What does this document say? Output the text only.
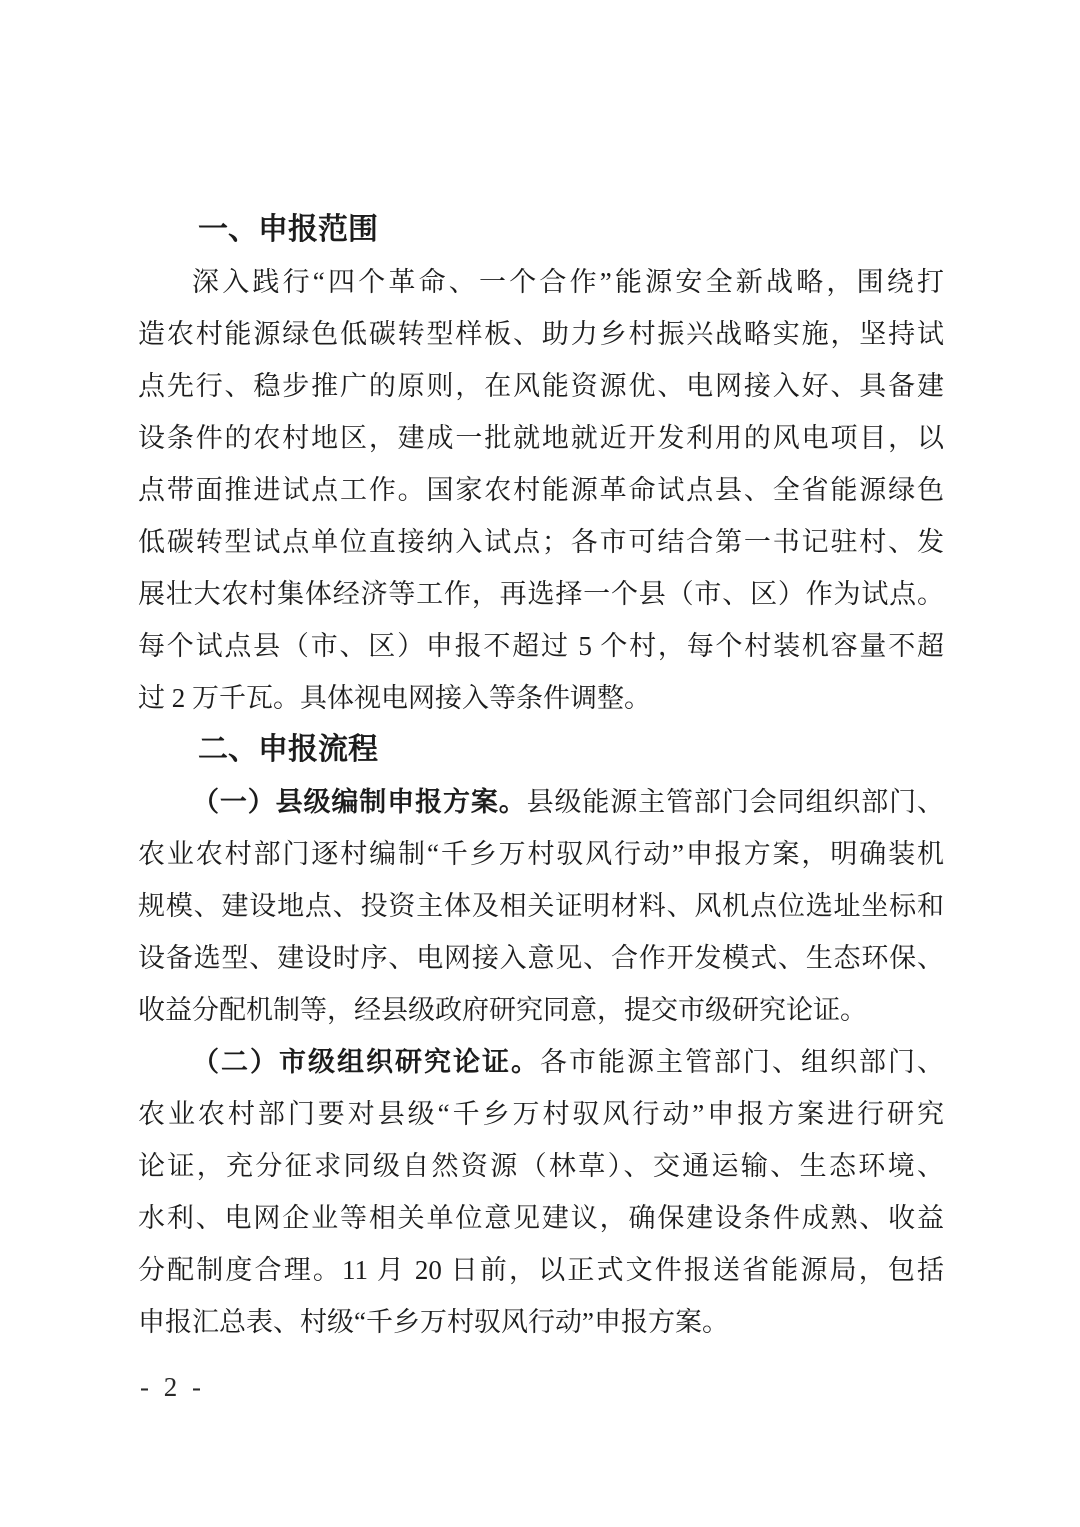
一、申报范围
深入践行“四个革命、一个合作”能源安全新战略，围绕打
造农村能源绿色低碳转型样板、助力乡村振兴战略实施，坚持试
点先行、稳步推广的原则，在风能资源优、电网接入好、具备建
设条件的农村地区，建成一批就地就近开发利用的风电项目，以
点带面推进试点工作。国家农村能源革命试点县、全省能源绿色
低碳转型试点单位直接纳入试点；各市可结合第一书记驻村、发
展壮大农村集体经济等工作，再选择一个县（市、区）作为试点。
每个试点县（市、区）申报不超过 5 个村，每个村装机容量不超
过 2 万千瓦。具体视电网接入等条件调整。
二、申报流程
（一）县级编制申报方案。县级能源主管部门会同组织部门、
农业农村部门逐村编制“千乡万村驭风行动”申报方案，明确装机
规模、建设地点、投资主体及相关证明材料、风机点位选址坐标和
设备选型、建设时序、电网接入意见、合作开发模式、生态环保、
收益分配机制等，经县级政府研究同意，提交市级研究论证。
（二）市级组织研究论证。各市能源主管部门、组织部门、
农业农村部门要对县级“千乡万村驭风行动”申报方案进行研究
论证，充分征求同级自然资源（林草）、交通运输、生态环境、
水利、电网企业等相关单位意见建议，确保建设条件成熟、收益
分配制度合理。11 月 20 日前，以正式文件报送省能源局，包括
申报汇总表、村级“千乡万村驭风行动”申报方案。
- 2 -
